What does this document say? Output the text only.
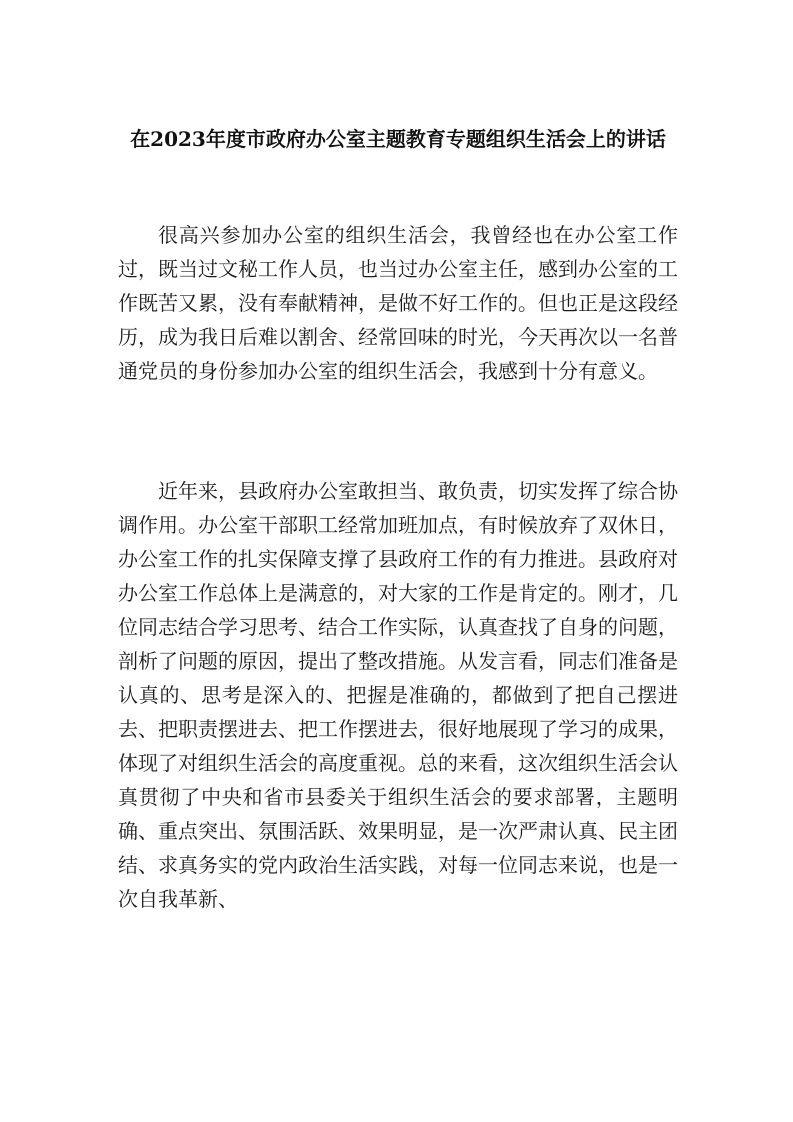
在2023年度市政府办公室主题教育专题组织生活会上的讲话

很高兴参加办公室的组织生活会，我曾经也在办公室工作过，既当过文秘工作人员，也当过办公室主任，感到办公室的工作既苦又累，没有奉献精神，是做不好工作的。但也正是这段经历，成为我日后难以割舍、经常回味的时光，今天再次以一名普通党员的身份参加办公室的组织生活会，我感到十分有意义。

近年来，县政府办公室敢担当、敢负责，切实发挥了综合协调作用。办公室干部职工经常加班加点，有时候放弃了双休日，办公室工作的扎实保障支撑了县政府工作的有力推进。县政府对办公室工作总体上是满意的，对大家的工作是肯定的。刚才，几位同志结合学习思考、结合工作实际，认真查找了自身的问题，剖析了问题的原因，提出了整改措施。从发言看，同志们准备是认真的、思考是深入的、把握是准确的，都做到了把自己摆进去、把职责摆进去、把工作摆进去，很好地展现了学习的成果，体现了对组织生活会的高度重视。总的来看，这次组织生活会认真贯彻了中央和省市县委关于组织生活会的要求部署，主题明确、重点突出、氛围活跃、效果明显，是一次严肃认真、民主团结、求真务实的党内政治生活实践，对每一位同志来说，也是一次自我革新、
